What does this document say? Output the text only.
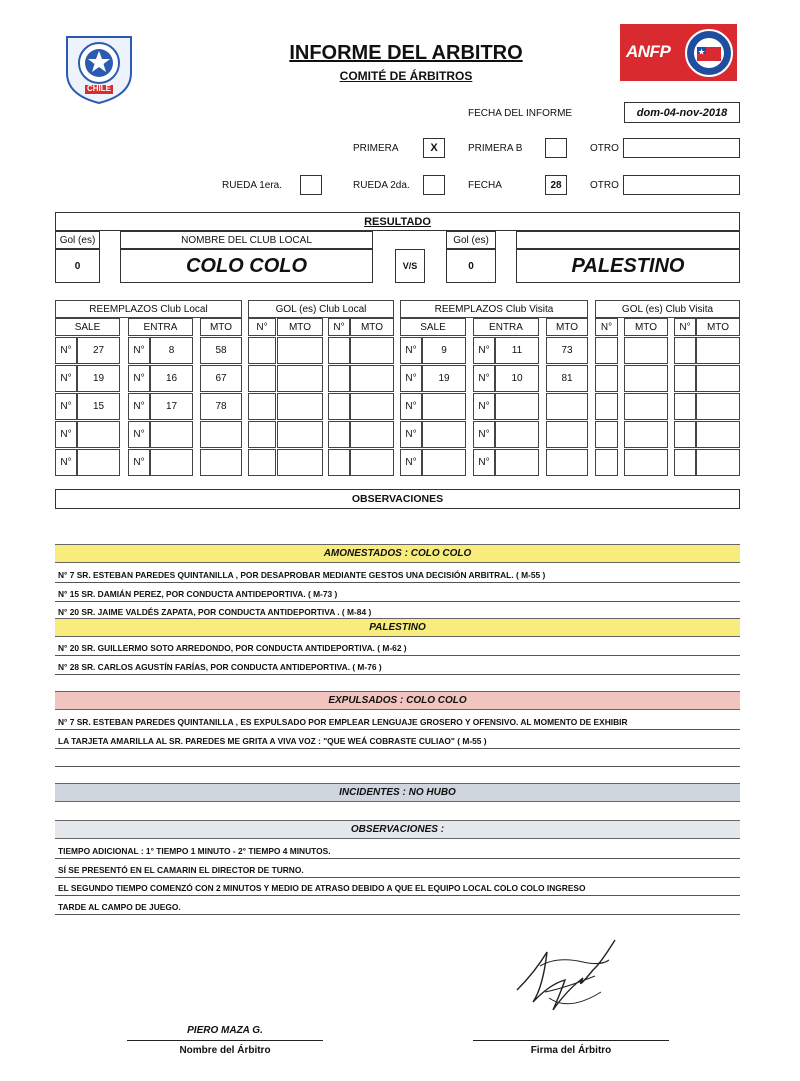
CHILE
INFORME DEL ARBITRO
COMITÉ DE ÁRBITROS
ANFP
FECHA DEL INFORME	dom-04-nov-2018
PRIMERA	X	PRIMERA B	OTRO
RUEDA 1era.	RUEDA 2da.	FECHA	28	OTRO
RESULTADO
Gol (es)	NOMBRE DEL CLUB LOCAL	Gol (es)
0	COLO COLO	V/S	0	PALESTINO
REEMPLAZOS Club Local
SALE	ENTRA	MTO
GOL (es) Club Local
N°	MTO	N°	MTO
REEMPLAZOS Club Visita
SALE	ENTRA	MTO
GOL (es) Club Visita
N°	MTO	N°	MTO
N°	27	N°	8	58	N°	9	N°	11	73
N°	19	N°	16	67	N°	19	N°	10	81
N°	15	N°	17	78	N°	N°
N°	N°	N°	N°
N°	N°	N°	N°
OBSERVACIONES
AMONESTADOS : COLO COLO
N° 7 SR. ESTEBAN PAREDES QUINTANILLA , POR DESAPROBAR MEDIANTE GESTOS UNA DECISIÓN ARBITRAL. ( M-55 )
N° 15 SR. DAMIÁN PEREZ, POR CONDUCTA ANTIDEPORTIVA. ( M-73 )
N° 20 SR. JAIME VALDÉS ZAPATA, POR CONDUCTA ANTIDEPORTIVA . ( M-84 )
PALESTINO
N° 20 SR. GUILLERMO SOTO ARREDONDO, POR CONDUCTA ANTIDEPORTIVA. ( M-62 )
N° 28 SR. CARLOS AGUSTÍN FARÍAS, POR CONDUCTA ANTIDEPORTIVA. ( M-76 )
EXPULSADOS : COLO COLO
N° 7 SR. ESTEBAN PAREDES QUINTANILLA , ES EXPULSADO POR EMPLEAR LENGUAJE GROSERO Y OFENSIVO. AL MOMENTO DE EXHIBIR
LA TARJETA AMARILLA AL SR. PAREDES ME GRITA A VIVA VOZ : "QUE WEÁ COBRASTE CULIAO" ( M-55 )
INCIDENTES : NO HUBO
OBSERVACIONES :
TIEMPO ADICIONAL : 1° TIEMPO 1 MINUTO - 2° TIEMPO 4 MINUTOS.
SÍ SE PRESENTÓ EN EL CAMARIN EL DIRECTOR DE TURNO.
EL SEGUNDO TIEMPO COMENZÓ CON 2 MINUTOS Y MEDIO DE ATRASO DEBIDO A QUE EL EQUIPO LOCAL COLO COLO INGRESO
TARDE AL CAMPO DE JUEGO.
PIERO MAZA G.
Nombre del Árbitro	Firma del Árbitro
